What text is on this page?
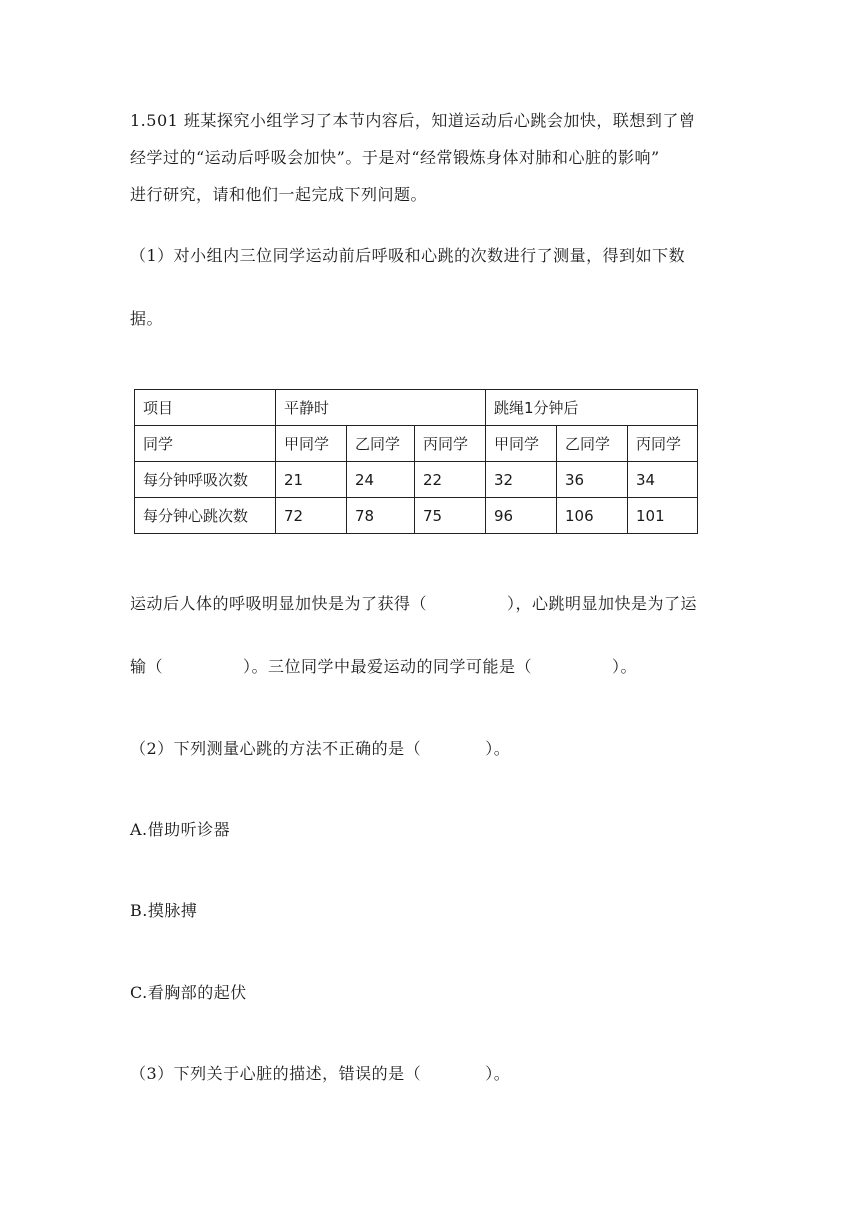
1.501 班某探究小组学习了本节内容后，知道运动后心跳会加快，联想到了曾
经学过的“运动后呼吸会加快”。于是对“经常锻炼身体对肺和心脏的影响”
进行研究，请和他们一起完成下列问题。
（1）对小组内三位同学运动前后呼吸和心跳的次数进行了测量，得到如下数
据。
项目	平静时			跳绳1分钟后		
同学	甲同学	乙同学	丙同学	甲同学	乙同学	丙同学
每分钟呼吸次数	21	24	22	32	36	34
每分钟心跳次数	72	78	75	96	106	101
运动后人体的呼吸明显加快是为了获得（	），心跳明显加快是为了运
输（	）。三位同学中最爱运动的同学可能是（	）。
（2）下列测量心跳的方法不正确的是（	）。
A.借助听诊器
B.摸脉搏
C.看胸部的起伏
（3）下列关于心脏的描述，错误的是（	）。
